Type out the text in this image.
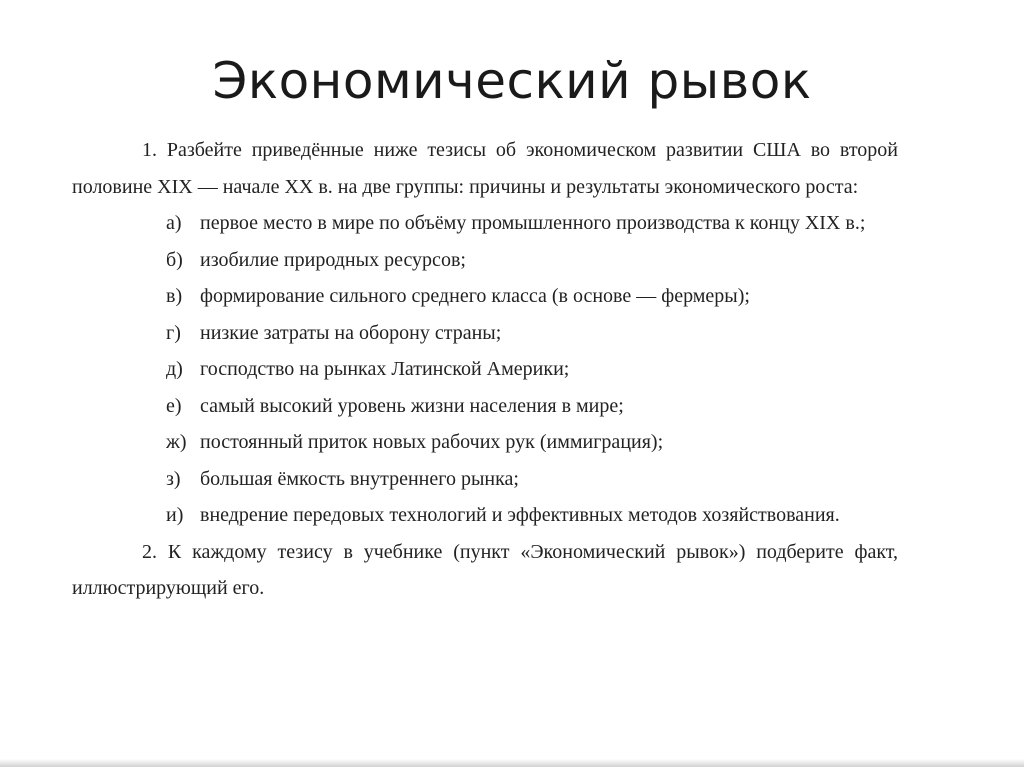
Экономический рывок

1. Разбейте приведённые ниже тезисы об экономическом развитии США во второй половине XIX — начале XX в. на две группы: причины и результаты экономического роста:

а) первое место в мире по объёму промышленного производства к концу XIX в.;
б) изобилие природных ресурсов;
в) формирование сильного среднего класса (в основе — фермеры);
г) низкие затраты на оборону страны;
д) господство на рынках Латинской Америки;
е) самый высокий уровень жизни населения в мире;
ж) постоянный приток новых рабочих рук (иммиграция);
з) большая ёмкость внутреннего рынка;
и) внедрение передовых технологий и эффективных методов хозяйствования.

2. К каждому тезису в учебнике (пункт «Экономический рывок») подберите факт, иллюстрирующий его.
